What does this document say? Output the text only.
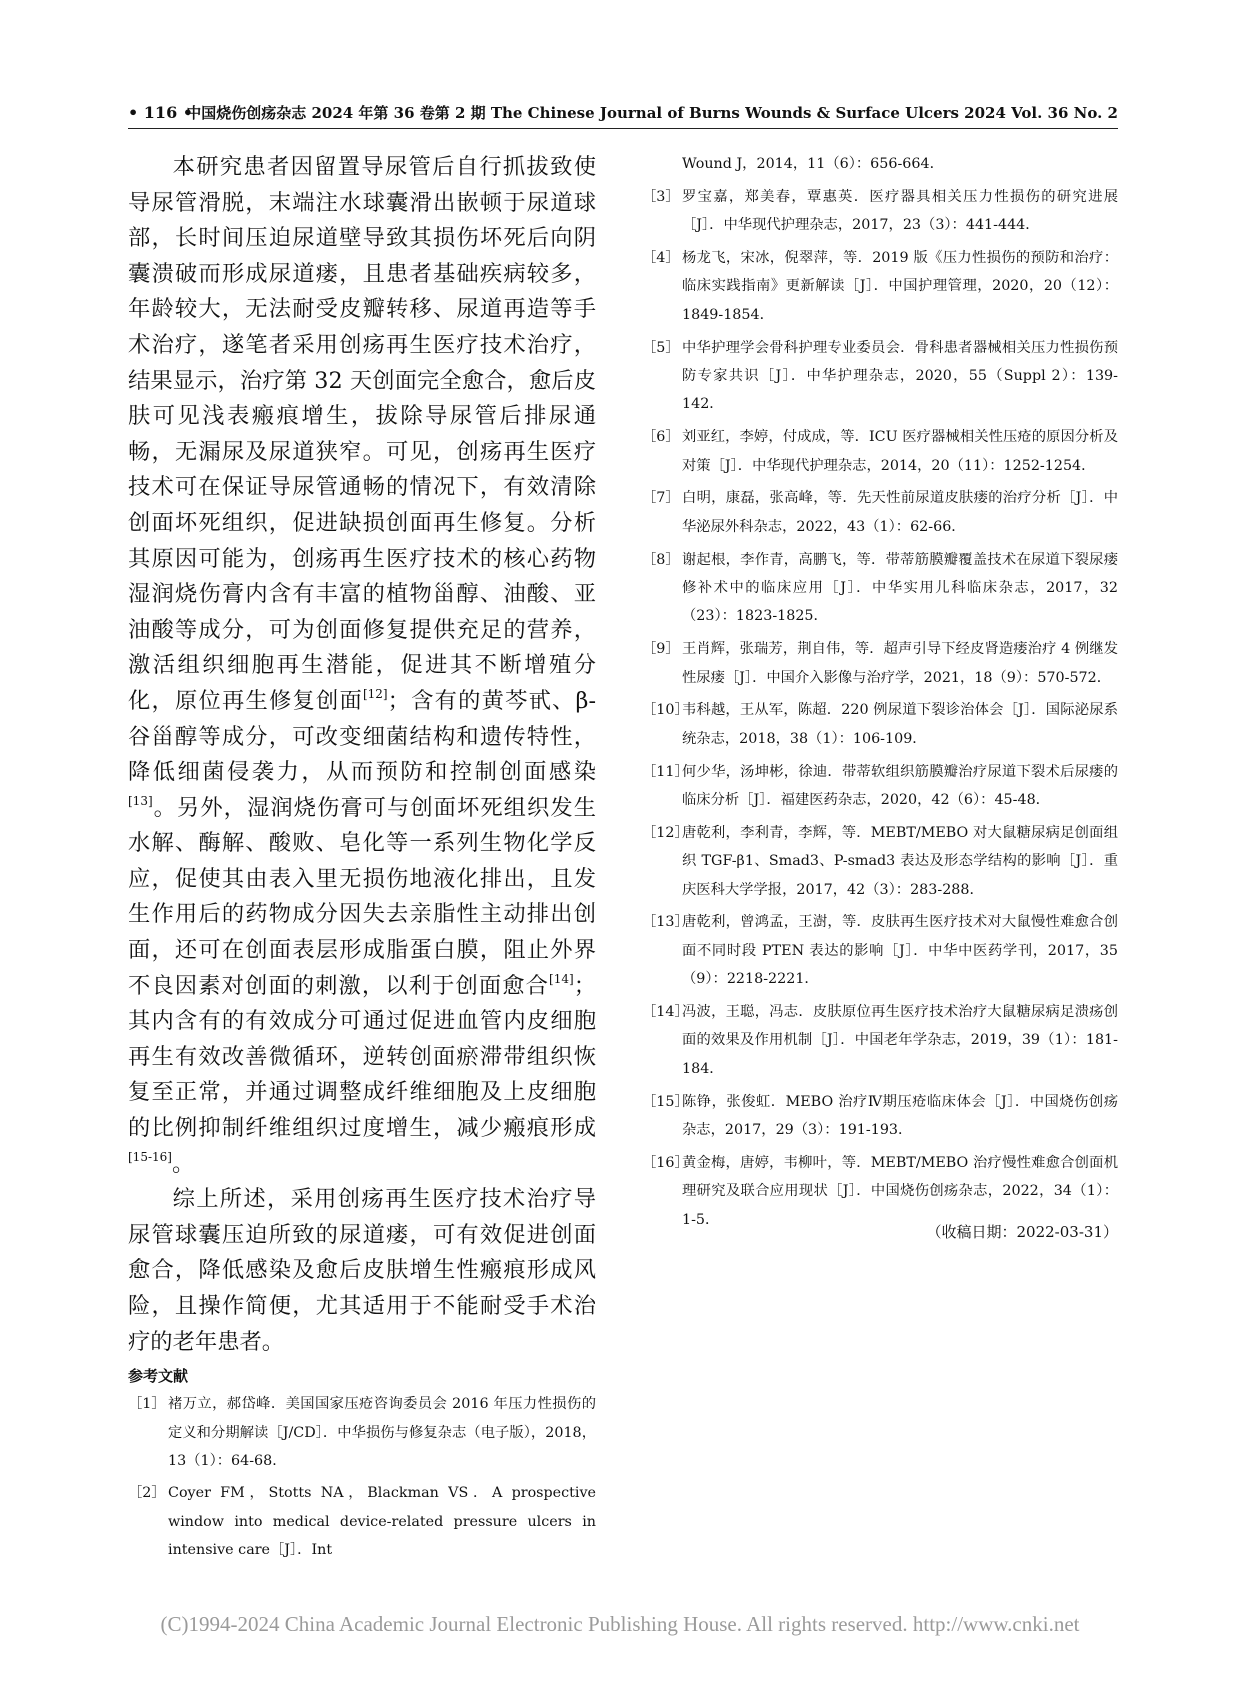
• 116 •
中国烧伤创疡杂志 2024 年第 36 卷第 2 期 The Chinese Journal of Burns Wounds & Surface Ulcers 2024 Vol. 36 No. 2

本研究患者因留置导尿管后自行抓拔致使导尿管滑脱，末端注水球囊滑出嵌顿于尿道球部，长时间压迫尿道壁导致其损伤坏死后向阴囊溃破而形成尿道瘘，且患者基础疾病较多，年龄较大，无法耐受皮瓣转移、尿道再造等手术治疗，遂笔者采用创疡再生医疗技术治疗，结果显示，治疗第 32 天创面完全愈合，愈后皮肤可见浅表瘢痕增生，拔除导尿管后排尿通畅，无漏尿及尿道狭窄。可见，创疡再生医疗技术可在保证导尿管通畅的情况下，有效清除创面坏死组织，促进缺损创面再生修复。分析其原因可能为，创疡再生医疗技术的核心药物湿润烧伤膏内含有丰富的植物甾醇、油酸、亚油酸等成分，可为创面修复提供充足的营养，激活组织细胞再生潜能，促进其不断增殖分化，原位再生修复创面[12]；含有的黄芩甙、β-谷甾醇等成分，可改变细菌结构和遗传特性，降低细菌侵袭力，从而预防和控制创面感染[13]。另外，湿润烧伤膏可与创面坏死组织发生水解、酶解、酸败、皂化等一系列生物化学反应，促使其由表入里无损伤地液化排出，且发生作用后的药物成分因失去亲脂性主动排出创面，还可在创面表层形成脂蛋白膜，阻止外界不良因素对创面的刺激，以利于创面愈合[14]；其内含有的有效成分可通过促进血管内皮细胞再生有效改善微循环，逆转创面瘀滞带组织恢复至正常，并通过调整成纤维细胞及上皮细胞的比例抑制纤维组织过度增生，减少瘢痕形成[15-16]。

综上所述，采用创疡再生医疗技术治疗导尿管球囊压迫所致的尿道瘘，可有效促进创面愈合，降低感染及愈后皮肤增生性瘢痕形成风险，且操作简便，尤其适用于不能耐受手术治疗的老年患者。

参考文献

［1］ 褚万立，郝岱峰．美国国家压疮咨询委员会 2016 年压力性损伤的定义和分期解读［J/CD］．中华损伤与修复杂志（电子版），2018，13（1）：64-68．

［2］ Coyer FM，Stotts NA，Blackman VS．A prospective window into medical device-related pressure ulcers in intensive care［J］．Int

Wound J，2014，11（6）：656-664．

［3］ 罗宝嘉，郑美春，覃惠英．医疗器具相关压力性损伤的研究进展［J］．中华现代护理杂志，2017，23（3）：441-444．

［4］ 杨龙飞，宋冰，倪翠萍，等．2019 版《压力性损伤的预防和治疗：临床实践指南》更新解读［J］．中国护理管理，2020，20（12）：1849-1854．

［5］ 中华护理学会骨科护理专业委员会．骨科患者器械相关压力性损伤预防专家共识［J］．中华护理杂志，2020，55（Suppl 2）：139-142．

［6］ 刘亚红，李婷，付成成，等．ICU 医疗器械相关性压疮的原因分析及对策［J］．中华现代护理杂志，2014，20（11）：1252-1254．

［7］ 白明，康磊，张高峰，等．先天性前尿道皮肤瘘的治疗分析［J］．中华泌尿外科杂志，2022，43（1）：62-66．

［8］ 谢起根，李作青，高鹏飞，等．带蒂筋膜瓣覆盖技术在尿道下裂尿瘘修补术中的临床应用［J］．中华实用儿科临床杂志，2017，32（23）：1823-1825．

［9］ 王肖辉，张瑞芳，荆自伟，等．超声引导下经皮肾造瘘治疗 4 例继发性尿瘘［J］．中国介入影像与治疗学，2021，18（9）：570-572．

［10］
韦科越，王从军，陈超．220 例尿道下裂诊治体会［J］．国际泌尿系统杂志，2018，38（1）：106-109．

［11］
何少华，汤坤彬，徐迪．带蒂软组织筋膜瓣治疗尿道下裂术后尿瘘的临床分析［J］．福建医药杂志，2020，42（6）：45-48．

［12］
唐乾利，李利青，李辉，等．MEBT/MEBO 对大鼠糖尿病足创面组织 TGF-β1、Smad3、P-smad3 表达及形态学结构的影响［J］．重庆医科大学学报，2017，42（3）：283-288．

［13］
唐乾利，曾鸿孟，王澍，等．皮肤再生医疗技术对大鼠慢性难愈合创面不同时段 PTEN 表达的影响［J］．中华中医药学刊，2017，35（9）：2218-2221．

［14］
冯波，王聪，冯志．皮肤原位再生医疗技术治疗大鼠糖尿病足溃疡创面的效果及作用机制［J］．中国老年学杂志，2019，39（1）：181-184．

［15］
陈铮，张俊虹．MEBO 治疗Ⅳ期压疮临床体会［J］．中国烧伤创疡杂志，2017，29（3）：191-193．

［16］
黄金梅，唐婷，韦柳叶，等．MEBT/MEBO 治疗慢性难愈合创面机理研究及联合应用现状［J］．中国烧伤创疡杂志，2022，34（1）：1-5．

（收稿日期：2022-03-31）
(C)1994-2024 China Academic Journal Electronic Publishing House. All rights reserved. http://www.cnki.net
